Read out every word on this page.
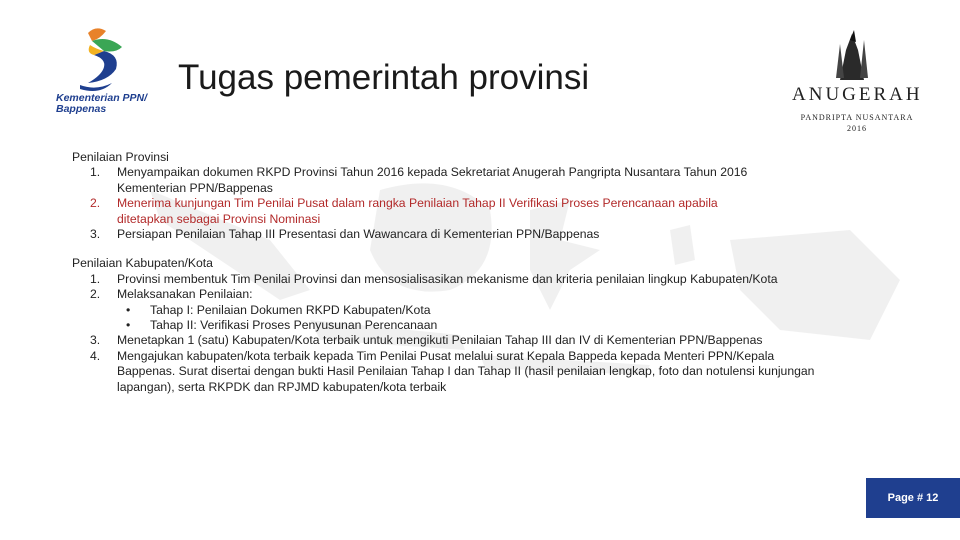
Kementerian PPN/
Bappenas
Tugas pemerintah provinsi	ANUGERAH
PANDRIPTA NUSANTARA
2016
Penilaian Provinsi
1. Menyampaikan dokumen RKPD Provinsi Tahun 2016 kepada Sekretariat Anugerah Pangripta Nusantara Tahun 2016
Kementerian PPN/Bappenas
2. Menerima kunjungan Tim Penilai Pusat dalam rangka Penilaian Tahap II Verifikasi Proses Perencanaan apabila
ditetapkan sebagai Provinsi Nominasi
3. Persiapan Penilaian Tahap III Presentasi dan Wawancara di Kementerian PPN/Bappenas
Penilaian Kabupaten/Kota
1. Provinsi membentuk Tim Penilai Provinsi dan mensosialisasikan mekanisme dan kriteria penilaian lingkup Kabupaten/Kota
2. Melaksanakan Penilaian:
• Tahap I: Penilaian Dokumen RKPD Kabupaten/Kota
• Tahap II: Verifikasi Proses Penyusunan Perencanaan
3. Menetapkan 1 (satu) Kabupaten/Kota terbaik untuk mengikuti Penilaian Tahap III dan IV di Kementerian PPN/Bappenas
4. Mengajukan kabupaten/kota terbaik kepada Tim Penilai Pusat melalui surat Kepala Bappeda kepada Menteri PPN/Kepala
Bappenas. Surat disertai dengan bukti Hasil Penilaian Tahap I dan Tahap II (hasil penilaian lengkap, foto dan notulensi kunjungan
lapangan), serta RKPDK dan RPJMD kabupaten/kota terbaik
Page # 12
